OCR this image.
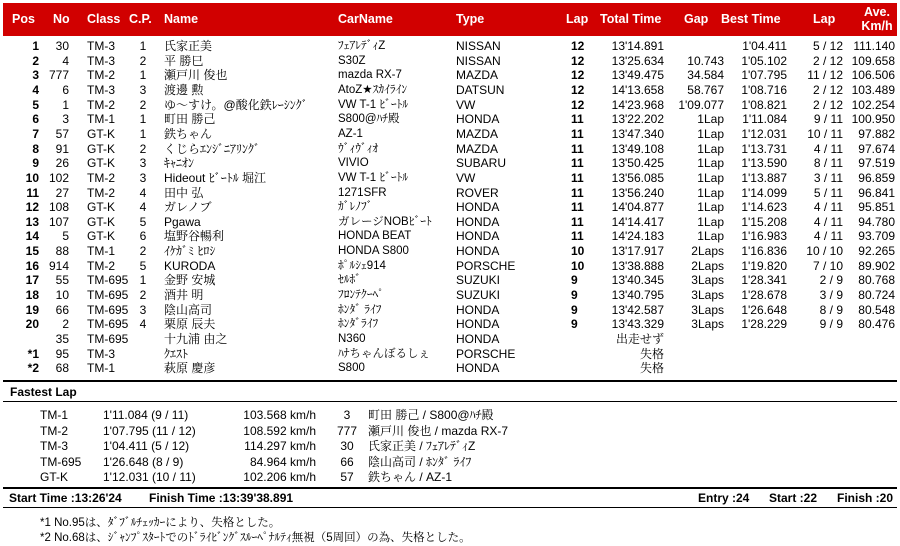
Pos No Class C.P. Name	CarName	Type	Lap Total Time Gap Best Time	Lap	Ave.
Km/h
1	30 TM-3	1	氏家正美	ﾌｪｱﾚﾃﾞｨZ	NISSAN	12	13'14.891	1'04.411	5 / 12 111.140
2	4 TM-3	2	平 勝巳	S30Z	NISSAN	12	13'25.634	10.743	1'05.102	2 / 12 109.658
3 777 TM-2	1	瀬戸川 俊也	mazda RX-7	MAZDA	12	13'49.475	34.584	1'07.795	11 / 12 106.506
4	6 TM-3	3	渡邊 勲	AtoZ★ｽｶｲﾗｲﾝ	DATSUN	12	14'13.658	58.767	1'08.716	2 / 12 103.489
5	1 TM-2	2	ゆ～すけ。@酸化鉄ﾚｰｼﾝｸﾞ	VW T-1 ﾋﾞｰﾄﾙ	VW	12	14'23.968	1'09.077	1'08.821	2 / 12 102.254
6	3 TM-1	1	町田 勝己	S800@ﾊﾁ殿	HONDA	11	13'22.202	1Lap	1'11.084	9 / 11 100.950
7	57 GT-K	1	鉄ちゃん	AZ-1	MAZDA	11	13'47.340	1Lap	1'12.031	10 / 11	97.882
8	91 GT-K	2	くじらｴﾝｼﾞﾆｱﾘﾝｸﾞ	ｳﾞｨｳﾞｨｵ	MAZDA	11	13'49.108	1Lap	1'13.731	4 / 11	97.674
9	26 GT-K	3	ｷｬﾆｵﾝ	VIVIO	SUBARU	11	13'50.425	1Lap	1'13.590	8 / 11	97.519
10 102 TM-2	3	Hideout ﾋﾞｰﾄﾙ 堀江	VW T-1 ﾋﾞｰﾄﾙ	VW	11	13'56.085	1Lap	1'13.887	3 / 11	96.859
11	27 TM-2	4	田中 弘	1271SFR	ROVER	11	13'56.240	1Lap	1'14.099	5 / 11	96.841
12 108 GT-K	4	ガレノブ	ｶﾞﾚﾉﾌﾞ	HONDA	11	14'04.877	1Lap	1'14.623	4 / 11	95.851
13 107 GT-K	5	Pgawa	ガレージNOBﾋﾞｰﾄ HONDA	11	14'14.417	1Lap	1'15.208	4 / 11	94.780
14	5 GT-K	6	塩野谷暢利	HONDA BEAT	HONDA	11	14'24.183	1Lap	1'16.983	4 / 11	93.709
15	88 TM-1	2	ｲｹｶﾞﾐ ﾋﾛｼ	HONDA S800	HONDA	10	13'17.917	2Laps	1'16.836	10 / 10	92.265
16 914 TM-2	5	KURODA	ﾎﾟﾙｼｪ914	PORSCHE	10	13'38.888	2Laps	1'19.820	7 / 10	89.902
17	55 TM-695 1	金野 安城	ｾﾙﾎﾞ	SUZUKI	9	13'40.345	3Laps	1'28.341	2 / 9	80.768
18	10 TM-695 2	酒井 明	ﾌﾛﾝﾃｸｰﾍﾟ	SUZUKI	9	13'40.795	3Laps	1'28.678	3 / 9	80.724
19	66 TM-695 3	陰山高司	ﾎﾝﾀﾞ ﾗｲﾌ	HONDA	9	13'42.587	3Laps	1'26.648	8 / 9	80.548
20	2 TM-695 4	栗原 辰夫	ﾎﾝﾀﾞﾗｲﾌ	HONDA	9	13'43.329	3Laps	1'28.229	9 / 9	80.476
35 TM-695	十九浦 由之	N360	HONDA	出走せず
*1	95 TM-3	ｸｴｽﾄ	ﾊﾅちゃんぼるしぇ PORSCHE	失格
*2	68 TM-1	萩原 慶彦	S800	HONDA	失格
Fastest Lap
TM-1	1'11.084 (9 / 11)	103.568 km/h	3	町田 勝己 / S800@ﾊﾁ殿
TM-2	1'07.795 (11 / 12)	108.592 km/h	777 瀬戸川 俊也 / mazda RX-7
TM-3	1'04.411 (5 / 12)	114.297 km/h	30	氏家正美 / ﾌｪｱﾚﾃﾞｨZ
TM-695 1'26.648 (8 / 9)	84.964 km/h	66	陰山高司 / ﾎﾝﾀﾞ ﾗｲﾌ
GT-K	1'12.031 (10 / 11)	102.206 km/h	57	鉄ちゃん / AZ-1
Start Time :13:26'24 Finish Time :13:39'38.891	Entry :24 Start :22 Finish :20
*1 No.95は、ﾀﾞﾌﾞﾙﾁｪｯｶｰにより、失格とした。
*2 No.68は、ｼﾞｬﾝﾌﾟｽﾀｰﾄでのﾄﾞﾗｲﾋﾞﾝｸﾞｽﾙｰﾍﾟﾅﾙﾃｨ無視（5周回）の為、失格とした。
